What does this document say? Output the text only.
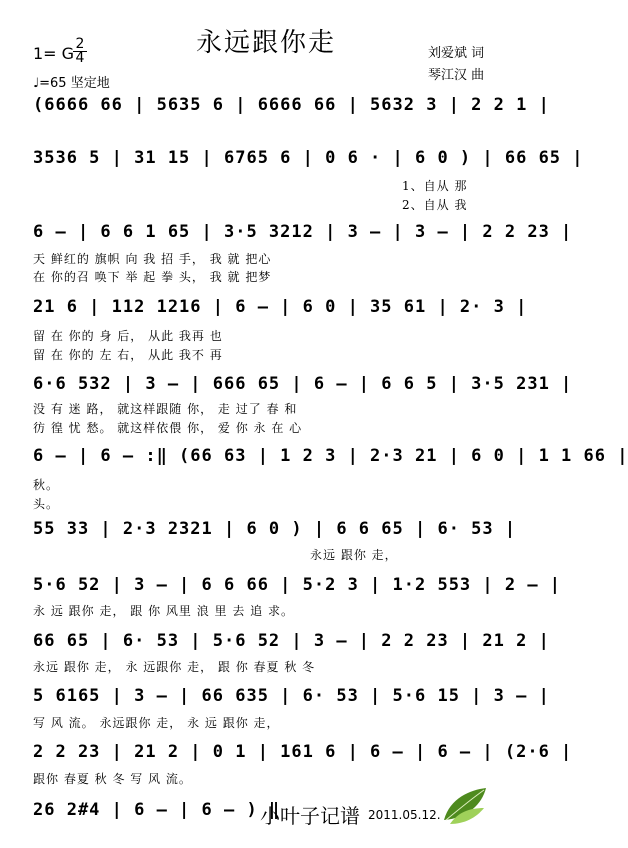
永远跟你走
1= G 2
4
♩=65 坚定地
刘爱斌 词
琴江汉 曲
(6666 66 | 5635 6 | 6666 66 | 5632 3 | 2 2 1 |
3536 5 | 31 15 | 6765 6 | 0 6 · | 6 0 ) | 66 65 |
1、自从 那
2、自从 我
6 – | 6 6 1 65 | 3·5 3212 | 3 – | 3 – | 2 2 23 |
天 鲜红的 旗帜 向 我 招 手， 我 就 把心
在 你的召 唤下 举 起 拳 头， 我 就 把梦
21 6 | 112 1216 | 6 – | 6 0 | 35 61 | 2· 3 |
留 在 你的 身 后， 从此 我再 也
留 在 你的 左 右， 从此 我不 再
6·6 532 | 3 – | 666 65 | 6 – | 6 6 5 | 3·5 231 |
没 有 迷 路， 就这样跟随 你， 走 过了 春 和
彷 徨 忧 愁。 就这样依偎 你， 爱 你 永 在 心
6 – | 6 – :‖ (66 63 | 1 2 3 | 2·3 21 | 6 0 | 1 1 66 |
秋。
头。
55 33 | 2·3 2321 | 6 0 ) | 6 6 65 | 6· 53 |
永远 跟你 走，
5·6 52 | 3 – | 6 6 66 | 5·2 3 | 1·2 553 | 2 – |
永 远 跟你 走， 跟 你 风里 浪 里 去 追 求。
66 65 | 6· 53 | 5·6 52 | 3 – | 2 2 23 | 21 2 |
永远 跟你 走， 永 远跟你 走， 跟 你 春夏 秋 冬
5 6165 | 3 – | 66 635 | 6· 53 | 5·6 15 | 3 – |
写 风 流。 永远跟你 走， 永 远 跟你 走，
2 2 23 | 21 2 | 0 1 | 161 6 | 6 – | 6 – | (2·6 |
跟你 春夏 秋 冬 写 风 流。
26 2#4 | 6 – | 6 – ) ‖
小叶子记谱 2011.05.12.
